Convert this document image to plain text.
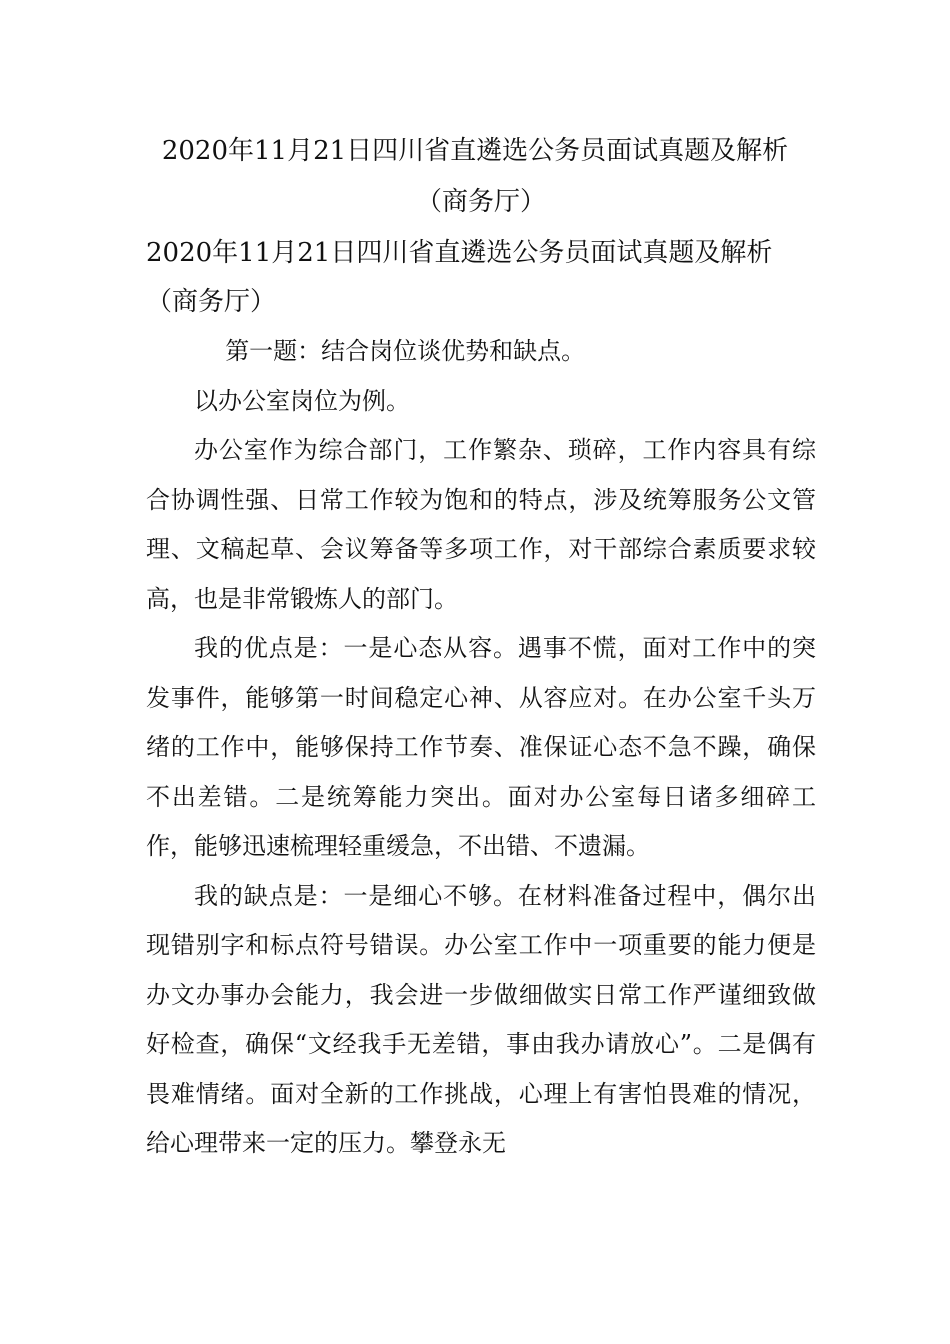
2020年11月21日四川省直遴选公务员面试真题及解析
（商务厅）
2020年11月21日四川省直遴选公务员面试真题及解析
（商务厅）

第一题：结合岗位谈优势和缺点。

以办公室岗位为例。

办公室作为综合部门，工作繁杂、琐碎，工作内容具有综合协调性强、日常工作较为饱和的特点，涉及统筹服务公文管理、文稿起草、会议筹备等多项工作，对干部综合素质要求较高，也是非常锻炼人的部门。

我的优点是：一是心态从容。遇事不慌，面对工作中的突发事件，能够第一时间稳定心神、从容应对。在办公室千头万绪的工作中，能够保持工作节奏、准保证心态不急不躁，确保不出差错。二是统筹能力突出。面对办公室每日诸多细碎工作，能够迅速梳理轻重缓急，不出错、不遗漏。

我的缺点是：一是细心不够。在材料准备过程中，偶尔出现错别字和标点符号错误。办公室工作中一项重要的能力便是办文办事办会能力，我会进一步做细做实日常工作严谨细致做好检查，确保“文经我手无差错，事由我办请放心”。二是偶有畏难情绪。面对全新的工作挑战，心理上有害怕畏难的情况，给心理带来一定的压力。攀登永无
